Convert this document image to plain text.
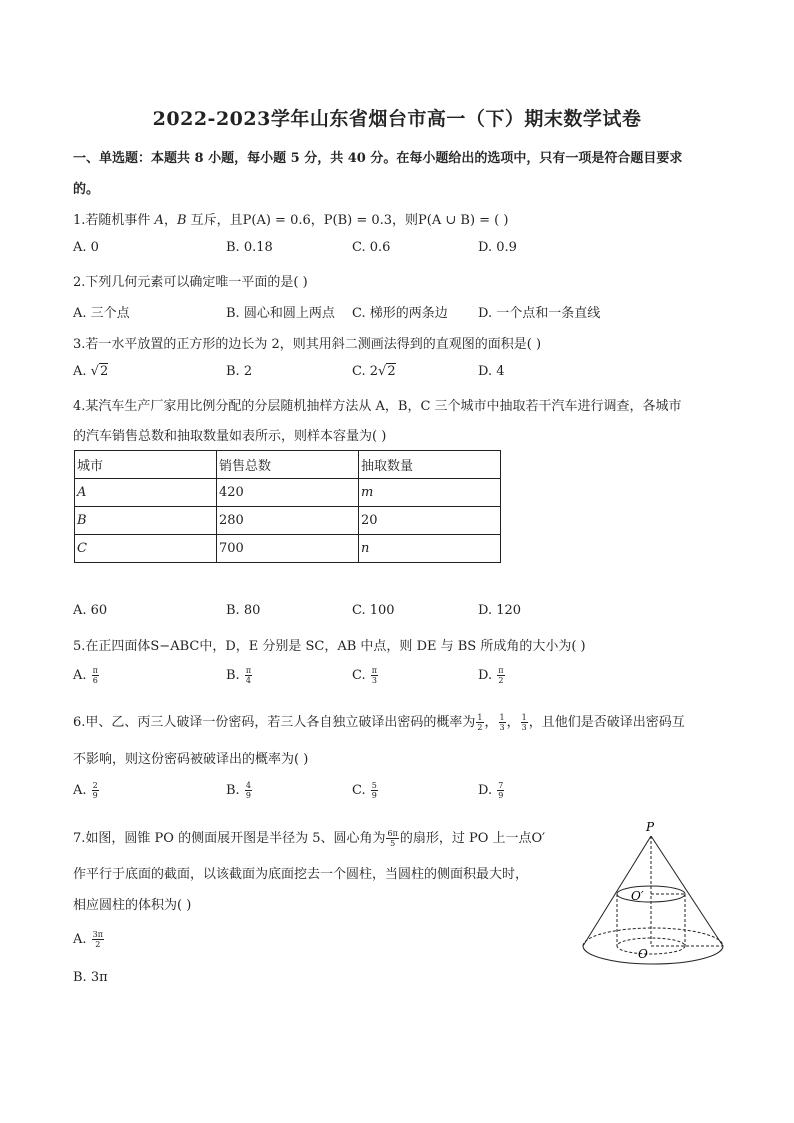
2022-2023学年山东省烟台市高一（下）期末数学试卷
一、单选题：本题共 8 小题，每小题 5 分，共 40 分。在每小题给出的选项中，只有一项是符合题目要求
的。
1.若随机事件 A，B 互斥，且P(A) = 0.6，P(B) = 0.3，则P(A ∪ B) = ( )
A. 0	B. 0.18	C. 0.6	D. 0.9
2.下列几何元素可以确定唯一平面的是( )
A. 三个点	B. 圆心和圆上两点 C. 梯形的两条边 D. 一个点和一条直线
3.若一水平放置的正方形的边长为 2，则其用斜二测画法得到的直观图的面积是( )
A. √2	B. 2	C. 2√2	D. 4
4.某汽车生产厂家用比例分配的分层随机抽样方法从 A，B，C 三个城市中抽取若干汽车进行调查，各城市
的汽车销售总数和抽取数量如表所示，则样本容量为( )
城市	销售总数	抽取数量
A	420	m
B	280	20
C	700	n
A. 60	B. 80	C. 100	D. 120
5.在正四面体S−ABC中，D，E 分别是 SC，AB 中点，则 DE 与 BS 所成角的大小为( )
A. $\frac{\pi}{6}$	B. $\frac{\pi}{4}$	C. $\frac{\pi}{3}$	D. $\frac{\pi}{2}$
6.甲、乙、丙三人破译一份密码，若三人各自独立破译出密码的概率为 $\frac{1}{2}$ ， $\frac{1}{3}$ ， $\frac{1}{3}$ ，且他们是否破译出密码互
不影响，则这份密码被破译出的概率为( )
A. $\frac{2}{9}$	B. $\frac{4}{9}$	C. $\frac{5}{9}$	D. $\frac{7}{9}$
7.如图，圆锥 PO 的侧面展开图是半径为 5、圆心角为 $\frac{6\pi}{5}$ 的扇形，过 PO 上一点O′
作平行于底面的截面，以该截面为底面挖去一个圆柱，当圆柱的侧面积最大时，
相应圆柱的体积为( )
A. $\frac{3\pi}{2}$
B. 3π
P
O′
O
